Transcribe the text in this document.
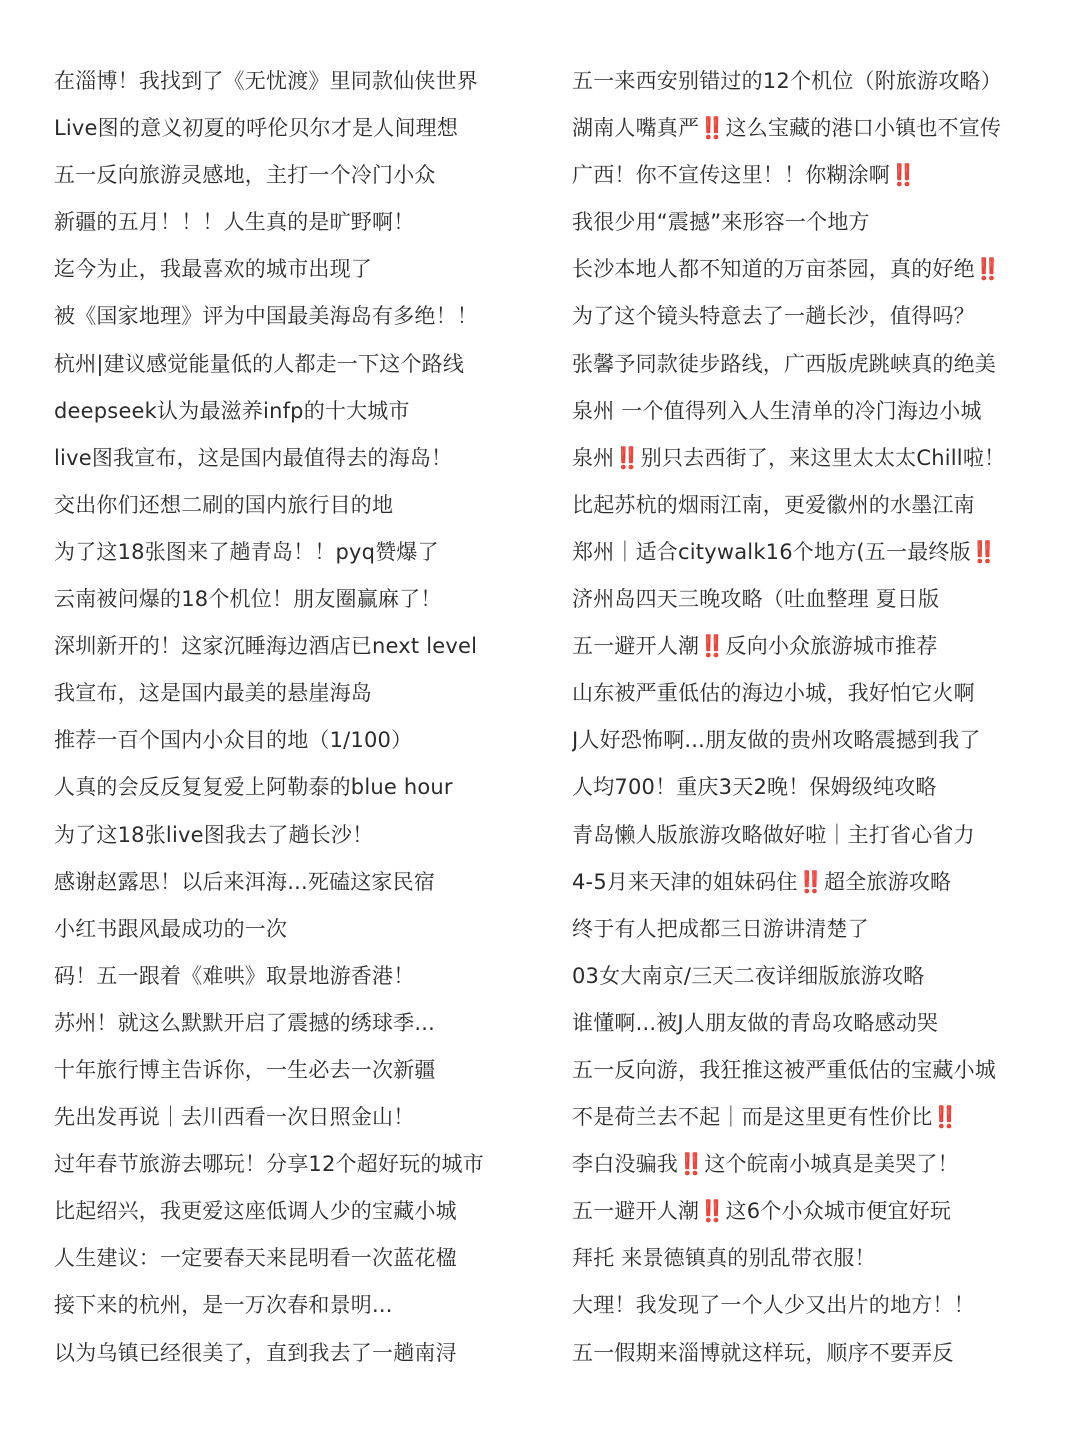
在淄博！我找到了《无忧渡》里同款仙侠世界
Live图的意义初夏的呼伦贝尔才是人间理想
五一反向旅游灵感地，主打一个冷门小众
新疆的五月！！！人生真的是旷野啊！
迄今为止，我最喜欢的城市出现了
被《国家地理》评为中国最美海岛有多绝！！
杭州|建议感觉能量低的人都走一下这个路线
deepseek认为最滋养infp的十大城市
live图我宣布，这是国内最值得去的海岛！
交出你们还想二刷的国内旅行目的地
为了这18张图来了趟青岛！！pyq赞爆了
云南被问爆的18个机位！朋友圈赢麻了！
深圳新开的！这家沉睡海边酒店已next level
我宣布，这是国内最美的悬崖海岛
推荐一百个国内小众目的地（1/100）
人真的会反反复复爱上阿勒泰的blue hour
为了这18张live图我去了趟长沙！
感谢赵露思！以后来洱海...死磕这家民宿
小红书跟风最成功的一次
码！五一跟着《难哄》取景地游香港！
苏州！就这么默默开启了震撼的绣球季...
十年旅行博主告诉你，一生必去一次新疆
先出发再说｜去川西看一次日照金山！
过年春节旅游去哪玩！分享12个超好玩的城市
比起绍兴，我更爱这座低调人少的宝藏小城
人生建议：一定要春天来昆明看一次蓝花楹
接下来的杭州，是一万次春和景明...
以为乌镇已经很美了，直到我去了一趟南浔
五一来西安别错过的12个机位（附旅游攻略）
湖南人嘴真严‼️这么宝藏的港口小镇也不宣传
广西！你不宣传这里！！你糊涂啊‼️
我很少用“震撼”来形容一个地方
长沙本地人都不知道的万亩茶园，真的好绝‼️
为了这个镜头特意去了一趟长沙，值得吗？
张馨予同款徒步路线，广西版虎跳峡真的绝美
泉州 一个值得列入人生清单的冷门海边小城
泉州‼️别只去西街了，来这里太太太Chill啦！
比起苏杭的烟雨江南，更爱徽州的水墨江南
郑州｜适合citywalk16个地方(五一最终版‼️
济州岛四天三晚攻略（吐血整理 夏日版
五一避开人潮‼️反向小众旅游城市推荐
山东被严重低估的海边小城，我好怕它火啊
J人好恐怖啊...朋友做的贵州攻略震撼到我了
人均700！重庆3天2晚！保姆级纯攻略
青岛懒人版旅游攻略做好啦｜主打省心省力
4-5月来天津的姐妹码住‼️超全旅游攻略
终于有人把成都三日游讲清楚了
03女大南京/三天二夜详细版旅游攻略
谁懂啊...被J人朋友做的青岛攻略感动哭
五一反向游，我狂推这被严重低估的宝藏小城
不是荷兰去不起｜而是这里更有性价比‼️
李白没骗我‼️这个皖南小城真是美哭了！
五一避开人潮‼️这6个小众城市便宜好玩
拜托 来景德镇真的别乱带衣服！
大理！我发现了一个人少又出片的地方！！
五一假期来淄博就这样玩，顺序不要弄反
